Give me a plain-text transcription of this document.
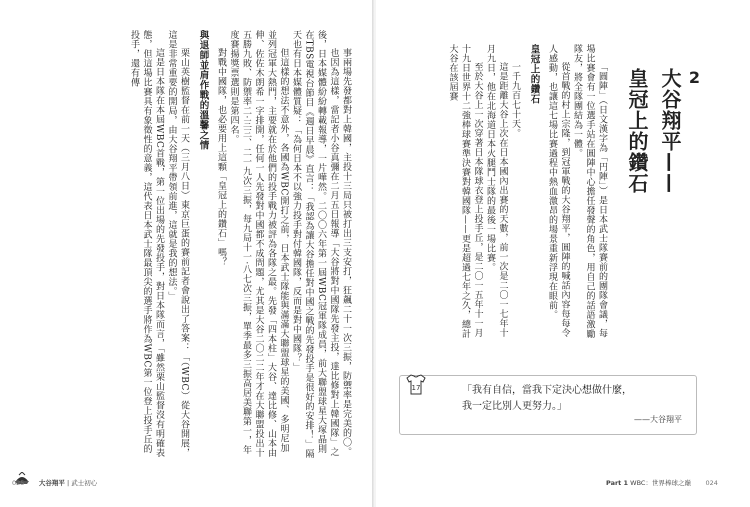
事兩場先發都對上韓國，主投十三局只被打出三支安打，狂飆二十一次三振，防禦率是完美的〇。

也因為這樣，當記者小谷真彌在二月五日報導「大谷將對中國隊先發主投，達比修對上韓國隊」之後，日本媒體紛紛轉載報導，一片嘩然。二〇〇六年第一屆WBC冠軍隊成員，前大聯盟球星大塚晶則在TBS電視台節目《週日早晨》直言：「我認為讓大谷擔任對中國之戰的先發投手是很好的安排！」隔天也有日本媒體質疑：「為何日本不以強力投手對付韓國隊，反而是對中國隊？」

但這樣的想法不意外，各國為WBC開打之前，日本武士隊能與滿滿大聯盟球星的美國、多明尼加並列冠軍大熱門，主要就在於他們的投手戰力被評為各隊之最。先發「四本柱」大谷、達比修、山本由伸、佐佐木朗希一字排開，任何一人先發對中國都不成問題，尤其是大谷二〇二二年才在大聯盟投出十五勝九敗、防禦率二‧三三、二一九次三振，每九局十一‧八七次三振，單季最多三振高居美聯第一，年度賽揚獎票選則是第四名。

對戰中國隊，也必要用上這顆「皇冠上的鑽石」嗎？

與退師並肩作戰的溫馨之情

栗山英樹監督在前一天（三月八日）東京巨蛋的賽前記者會說出了答案：「（WBC）從大谷開展，這是非常重要的開局，由大谷翔平帶領前進，這就是我的想法。」

這是日本隊在本屆WBC首戰，第一位出場的先發投手，對日本隊而言，「雖然栗山監督沒有明確表態，但這場比賽具有象徵性的意義，這代表日本武士隊最頂尖的選手將作為WBC第一位登上投手丘的投手，還有傳

025 大谷翔平 | 武士初心

「圓陣」（日文漢字為「円陣」）是日本武士隊賽前的團隊會議，每場比賽會有一位選手站在圓陣中心擔任發聲的角色，用自己的話語激勵隊友，將全隊團結為一體。

從首戰的村上宗隆，到冠軍戰的大谷翔平，圓陣的喊話內容每每令人感動，也讓這七場比賽過程中熱血激昂的場景重新浮現在眼前。

皇冠上的鑽石

一千九百七十天。

這是距離大谷上次在日本國內出賽的天數，前一次是二〇一七年十月九日，他在北海道日本火腿鬥士隊的最後一場比賽。

至於大谷上一次穿著日本隊球衣登上投手丘，是二〇一五年十一月十九日世界十二強棒球賽準決賽對韓國隊——更是超過七年之久，總計大谷在該屆賽

Part 1 WBC：世界棒球之巔 024
2
大谷翔平——
皇冠上的鑽石
17	「我有自信，當我下定決心想做什麼，
我一定比別人更努力。」
——大谷翔平
